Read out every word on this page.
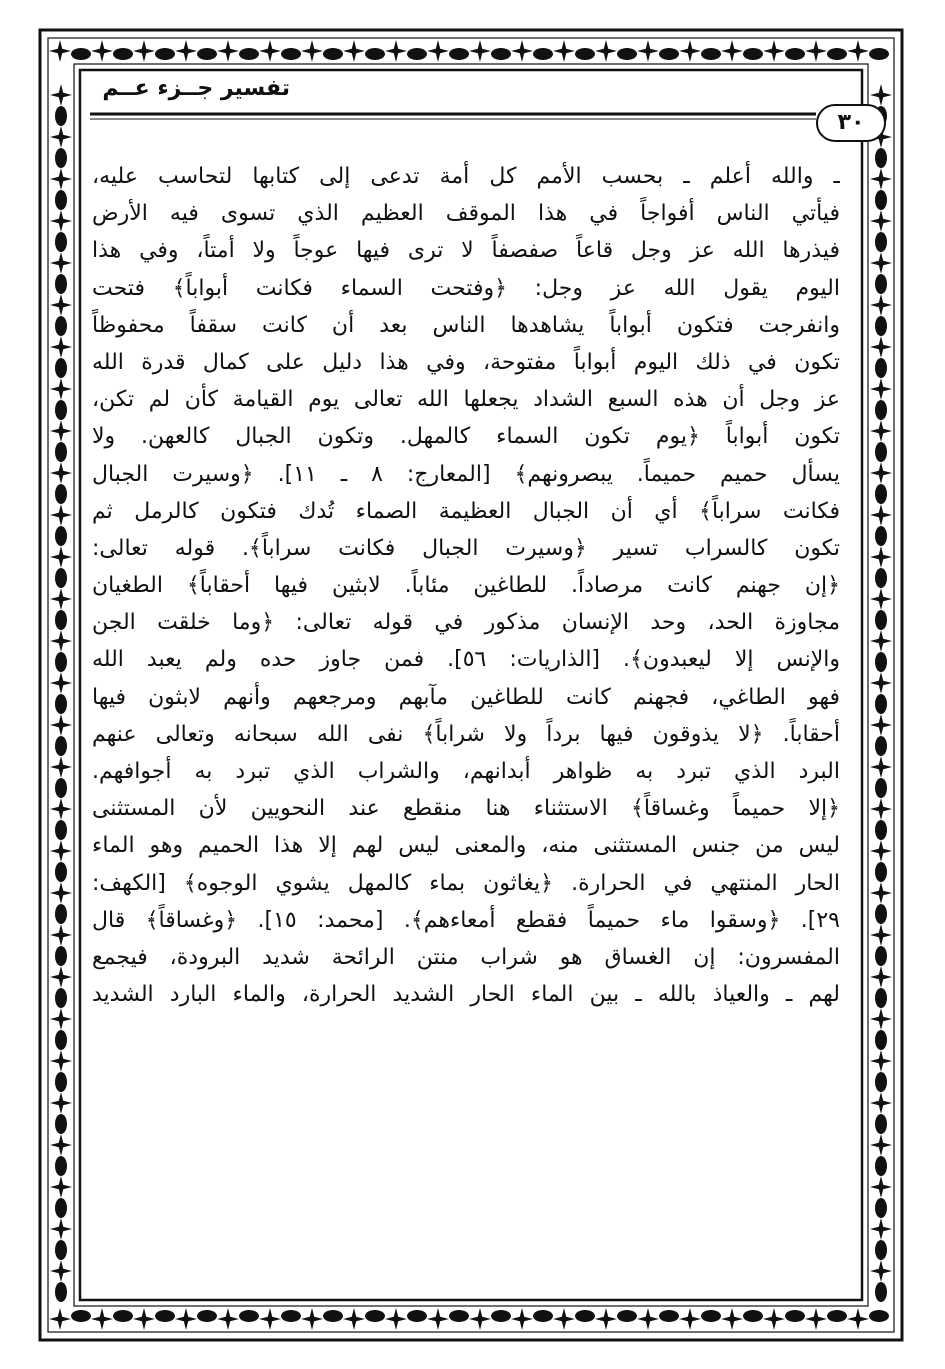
تفسير جــزء عــم
٣٠
ـ والله أعلم ـ بحسب الأمم كل أمة تدعى إلى كتابها لتحاسب عليه،
فيأتي الناس أفواجاً في هذا الموقف العظيم الذي تسوى فيه الأرض
فيذرها الله عز وجل قاعاً صفصفاً لا ترى فيها عوجاً ولا أمتاً، وفي هذا
اليوم يقول الله عز وجل: ﴿وفتحت السماء فكانت أبواباً﴾ فتحت
وانفرجت فتكون أبواباً يشاهدها الناس بعد أن كانت سقفاً محفوظاً
تكون في ذلك اليوم أبواباً مفتوحة، وفي هذا دليل على كمال قدرة الله
عز وجل أن هذه السبع الشداد يجعلها الله تعالى يوم القيامة كأن لم تكن،
تكون أبواباً ﴿يوم تكون السماء كالمهل. وتكون الجبال كالعهن. ولا
يسأل حميم حميماً. يبصرونهم﴾ [المعارج: ٨ ـ ١١]. ﴿وسيرت الجبال
فكانت سراباً﴾ أي أن الجبال العظيمة الصماء تُدك فتكون كالرمل ثم
تكون كالسراب تسير ﴿وسيرت الجبال فكانت سراباً﴾. قوله تعالى:
﴿إن جهنم كانت مرصاداً. للطاغين مئاباً. لابثين فيها أحقاباً﴾ الطغيان
مجاوزة الحد، وحد الإنسان مذكور في قوله تعالى: ﴿وما خلقت الجن
والإنس إلا ليعبدون﴾. [الذاريات: ٥٦]. فمن جاوز حده ولم يعبد الله
فهو الطاغي، فجهنم كانت للطاغين مآبهم ومرجعهم وأنهم لابثون فيها
أحقاباً. ﴿لا يذوقون فيها برداً ولا شراباً﴾ نفى الله سبحانه وتعالى عنهم
البرد الذي تبرد به ظواهر أبدانهم، والشراب الذي تبرد به أجوافهم.
﴿إلا حميماً وغساقاً﴾ الاستثناء هنا منقطع عند النحويين لأن المستثنى
ليس من جنس المستثنى منه، والمعنى ليس لهم إلا هذا الحميم وهو الماء
الحار المنتهي في الحرارة. ﴿يغاثون بماء كالمهل يشوي الوجوه﴾ [الكهف:
٢٩]. ﴿وسقوا ماء حميماً فقطع أمعاءهم﴾. [محمد: ١٥]. ﴿وغساقاً﴾ قال
المفسرون: إن الغساق هو شراب منتن الرائحة شديد البرودة، فيجمع
لهم ـ والعياذ بالله ـ بين الماء الحار الشديد الحرارة، والماء البارد الشديد
